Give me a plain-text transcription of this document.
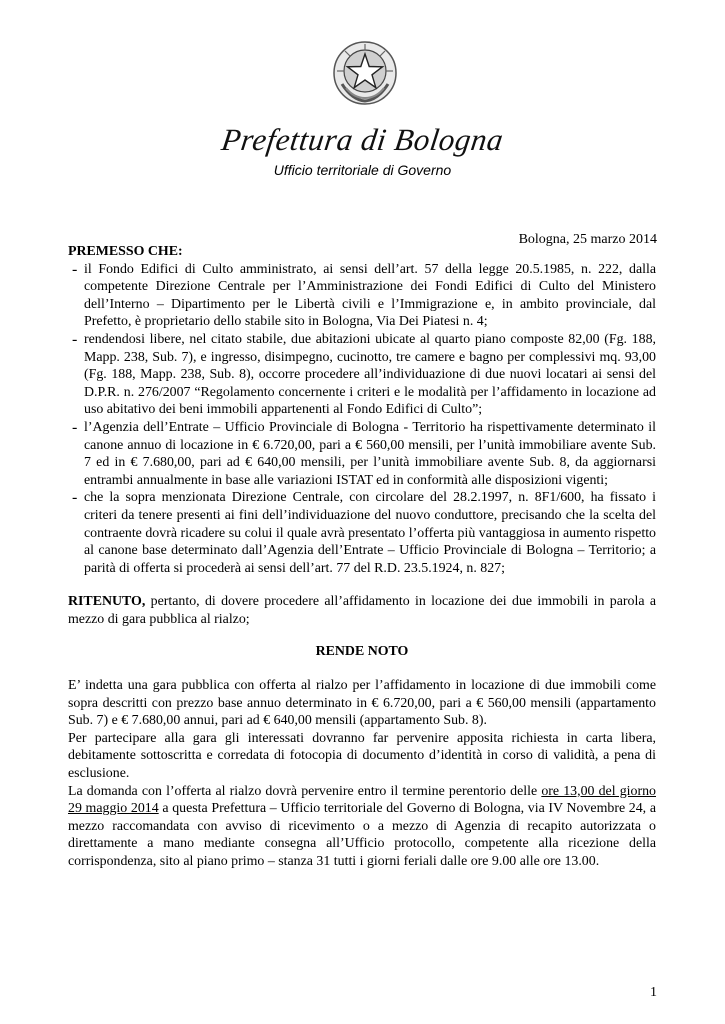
Prefettura di Bologna
Ufficio territoriale di Governo
Bologna, 25 marzo 2014

PREMESSO CHE:

- il Fondo Edifici di Culto amministrato, ai sensi dell’art. 57 della legge 20.5.1985, n. 222, dalla competente Direzione Centrale per l’Amministrazione dei Fondi Edifici di Culto del Ministero dell’Interno – Dipartimento per le Libertà civili e l’Immigrazione e, in ambito provinciale, dal Prefetto, è proprietario dello stabile sito in Bologna, Via Dei Piatesi n. 4;
- rendendosi libere, nel citato stabile, due abitazioni ubicate al quarto piano composte 82,00 (Fg. 188, Mapp. 238, Sub. 7), e ingresso, disimpegno, cucinotto, tre camere e bagno per complessivi mq. 93,00 (Fg. 188, Mapp. 238, Sub. 8), occorre procedere all’individuazione di due nuovi locatari ai sensi del D.P.R. n. 276/2007 “Regolamento concernente i criteri e le modalità per l’affidamento in locazione ad uso abitativo dei beni immobili appartenenti al Fondo Edifici di Culto”;
- l’Agenzia dell’Entrate – Ufficio Provinciale di Bologna - Territorio ha rispettivamente determinato il canone annuo di locazione in € 6.720,00, pari a € 560,00 mensili, per l’unità immobiliare avente Sub. 7 ed in € 7.680,00, pari ad € 640,00 mensili, per l’unità immobiliare avente Sub. 8, da aggiornarsi entrambi annualmente in base alle variazioni ISTAT ed in conformità alle disposizioni vigenti;
- che la sopra menzionata Direzione Centrale, con circolare del 28.2.1997, n. 8F1/600, ha fissato i criteri da tenere presenti ai fini dell’individuazione del nuovo conduttore, precisando che la scelta del contraente dovrà ricadere su colui il quale avrà presentato l’offerta più vantaggiosa in aumento rispetto al canone base determinato dall’Agenzia dell’Entrate – Ufficio Provinciale di Bologna – Territorio; a parità di offerta si procederà ai sensi dell’art. 77 del R.D. 23.5.1924, n. 827;

RITENUTO, pertanto, di dovere procedere all’affidamento in locazione dei due immobili in parola a mezzo di gara pubblica al rialzo;

RENDE NOTO

E’ indetta una gara pubblica con offerta al rialzo per l’affidamento in locazione di due immobili come sopra descritti con prezzo base annuo determinato in € 6.720,00, pari a € 560,00 mensili (appartamento Sub. 7) e € 7.680,00 annui, pari ad € 640,00 mensili (appartamento Sub. 8).

Per partecipare alla gara gli interessati dovranno far pervenire apposita richiesta in carta libera, debitamente sottoscritta e corredata di fotocopia di documento d’identità in corso di validità, a pena di esclusione.

La domanda con l’offerta al rialzo dovrà pervenire entro il termine perentorio delle ore 13,00 del giorno 29 maggio 2014 a questa Prefettura – Ufficio territoriale del Governo di Bologna, via IV Novembre 24, a mezzo raccomandata con avviso di ricevimento o a mezzo di Agenzia di recapito autorizzata o direttamente a mano mediante consegna all’Ufficio protocollo, competente alla ricezione della corrispondenza, sito al piano primo – stanza 31 tutti i giorni feriali dalle ore 9.00 alle ore 13.00.

1
